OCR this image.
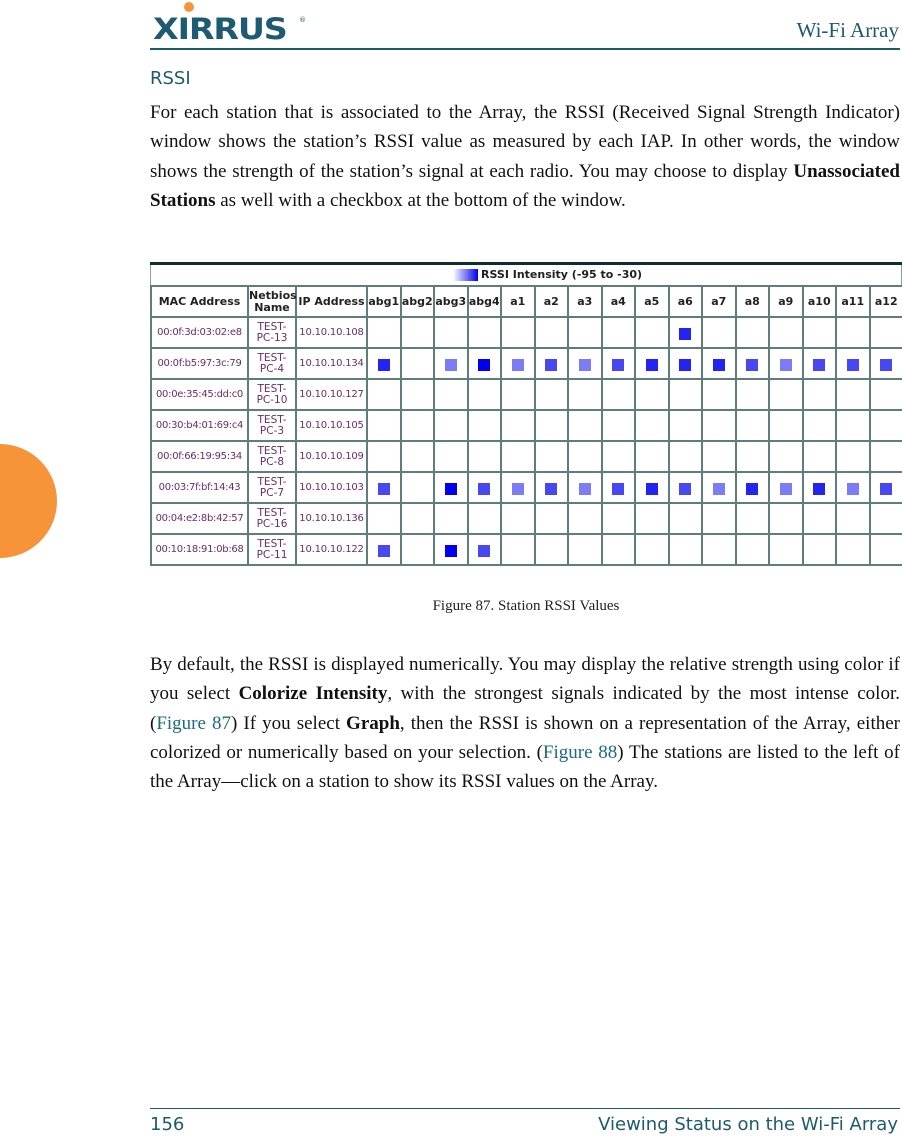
XIRRUS ®	Wi-Fi Array
RSSI

For each station that is associated to the Array, the RSSI (Received Signal Strength Indicator) window shows the station’s RSSI value as measured by each IAP. In other words, the window shows the strength of the station’s signal at each radio. You may choose to display Unassociated Stations as well with a checkbox at the bottom of the window.

RSSI Intensity (-95 to -30)
MAC Address	Netbios Name	IP Address	abg1	abg2	abg3	abg4	a1	a2	a3	a4	a5	a6	a7	a8	a9	a10	a11	a12
00:0f:3d:03:02:e8	TEST-PC-13	10.10.10.108																
00:0f:b5:97:3c:79	TEST-PC-4	10.10.10.134																
00:0e:35:45:dd:c0	TEST-PC-10	10.10.10.127																
00:30:b4:01:69:c4	TEST-PC-3	10.10.10.105																
00:0f:66:19:95:34	TEST-PC-8	10.10.10.109																
00:03:7f:bf:14:43	TEST-PC-7	10.10.10.103																
00:04:e2:8b:42:57	TEST-PC-16	10.10.10.136																
00:10:18:91:0b:68	TEST-PC-11	10.10.10.122																
Figure 87. Station RSSI Values

By default, the RSSI is displayed numerically. You may display the relative strength using color if you select Colorize Intensity, with the strongest signals indicated by the most intense color. (Figure 87) If you select Graph, then the RSSI is shown on a representation of the Array, either colorized or numerically based on your selection. (Figure 88) The stations are listed to the left of the Array—click on a station to show its RSSI values on the Array.

156	Viewing Status on the Wi-Fi Array
